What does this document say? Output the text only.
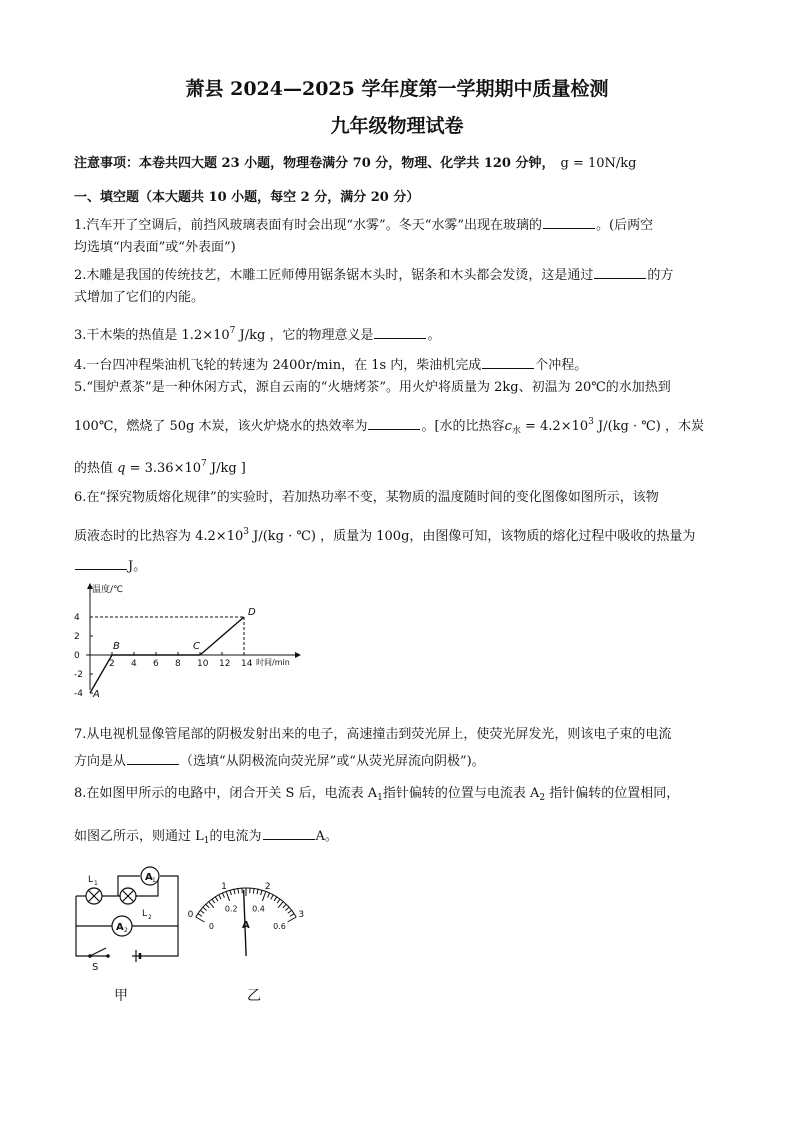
萧县 2024—2025 学年度第一学期期中质量检测
九年级物理试卷
注意事项：本卷共四大题 23 小题，物理卷满分 70 分，物理、化学共 120 分钟， g = 10N/kg
一、填空题（本大题共 10 小题，每空 2 分，满分 20 分）
1.汽车开了空调后，前挡风玻璃表面有时会出现“水雾”。冬天“水雾”出现在玻璃的	。(后两空
均选填“内表面”或“外表面”)
2.木雕是我国的传统技艺，木雕工匠师傅用锯条锯木头时，锯条和木头都会发烫，这是通过	的方
式增加了它们的内能。
3.干木柴的热值是 $1.2\times 10^7$ J/kg ，它的物理意义是	。
4.一台四冲程柴油机飞轮的转速为 2400r/min，在 1s 内，柴油机完成	个冲程。
5.“围炉煮茶”是一种休闲方式，源自云南的“火塘烤茶”。用火炉将质量为 2kg、初温为 20℃的水加热到
100℃，燃烧了 50g 木炭，该火炉烧水的热效率为	。[水的比热容$c_水 = 4.2\times 10^3$ J/(kg · ℃) ，木炭
的热值 $q = 3.36\times 10^7$ J/kg ]
6.在“探究物质熔化规律”的实验时，若加热功率不变，某物质的温度随时间的变化图像如图所示，该物
质液态时的比热容为 $4.2\times 10^3$ J/(kg · ℃) ，质量为 100g，由图像可知，该物质的熔化过程中吸收的热量为
J。
温度/℃
时间/min
4
2
0
-2
-4
2 4 6 8 10 12 14
A
B	C
D
7.从电视机显像管尾部的阴极发射出来的电子，高速撞击到荧光屏上，使荧光屏发光，则该电子束的电流
方向是从	（选填“从阴极流向荧光屏”或“从荧光屏流向阴极”)。
8.在如图甲所示的电路中，闭合开关 S 后，电流表 $A_1$指针偏转的位置与电流表 $A_2$ 指针偏转的位置相同，
如图乙所示，则通过 $L_1$的电流为	A。
A 1
A 2
L 1
L 2
S
甲
0
1	2
3
0
0.2 0.4
0.6
A
乙
